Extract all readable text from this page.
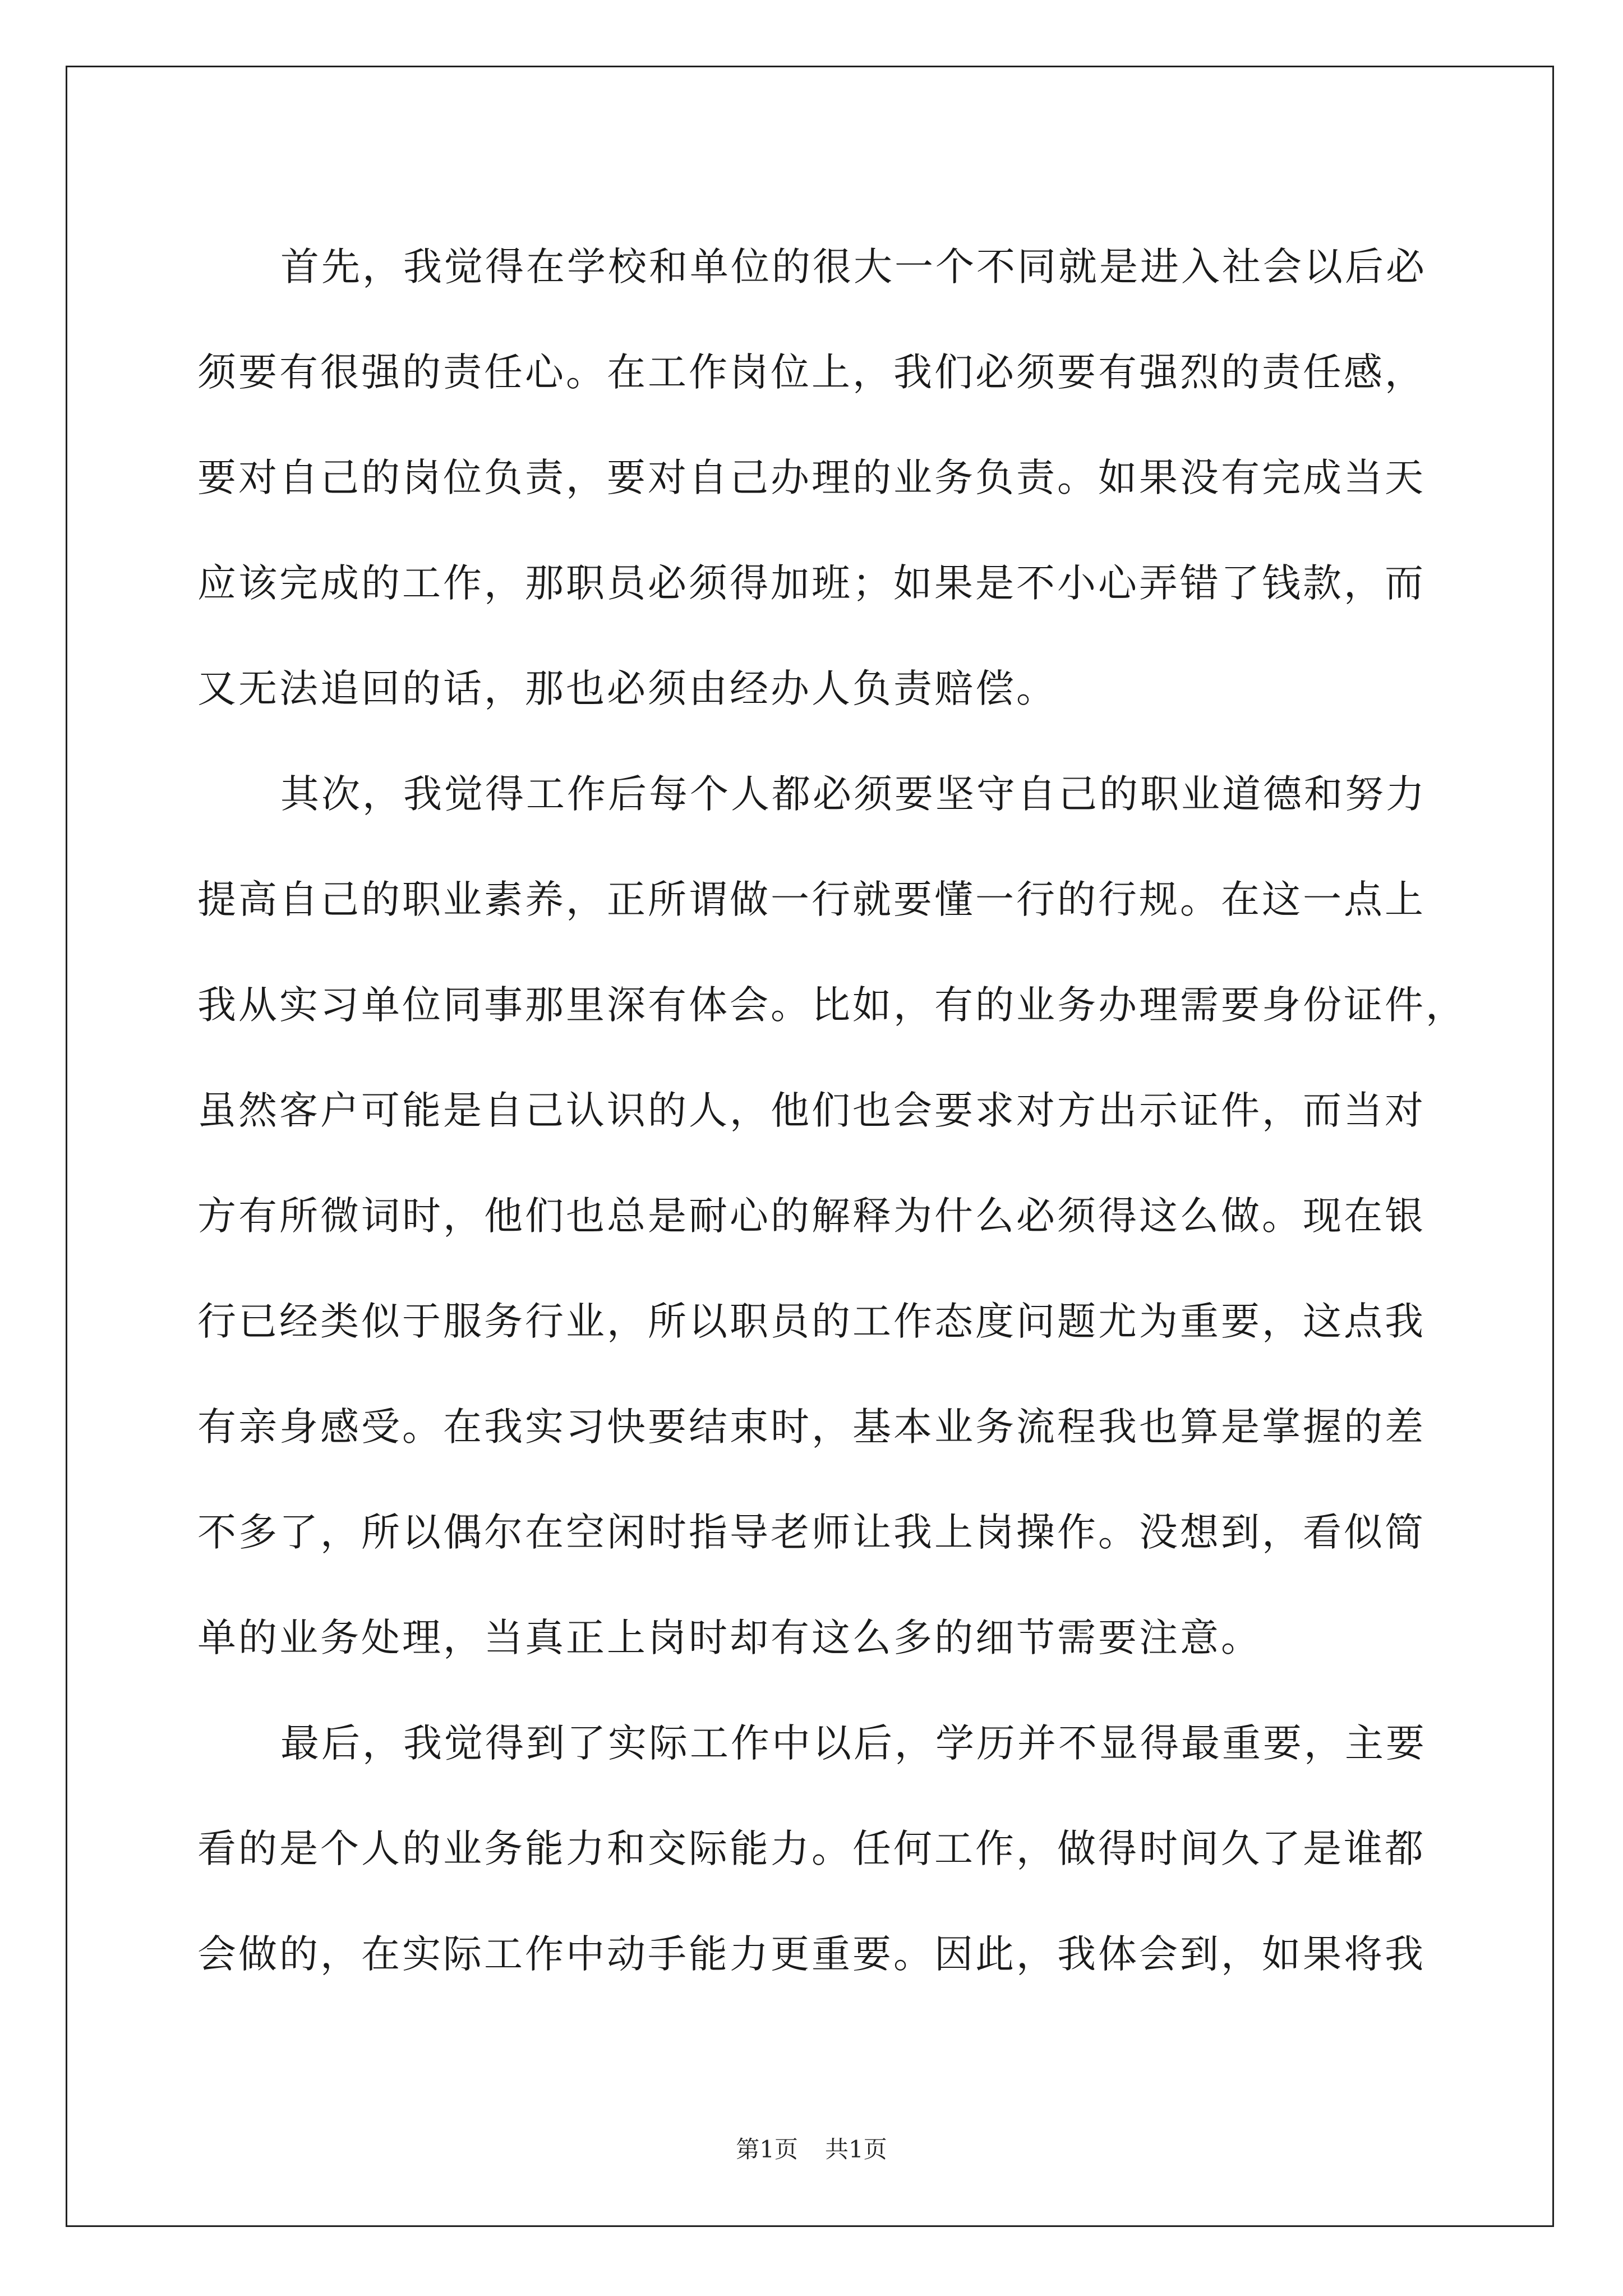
首先，我觉得在学校和单位的很大一个不同就是进入社会以后必
须要有很强的责任心。在工作岗位上，我们必须要有强烈的责任感，
要对自己的岗位负责，要对自己办理的业务负责。如果没有完成当天
应该完成的工作，那职员必须得加班；如果是不小心弄错了钱款，而
又无法追回的话，那也必须由经办人负责赔偿。
其次，我觉得工作后每个人都必须要坚守自己的职业道德和努力
提高自己的职业素养，正所谓做一行就要懂一行的行规。在这一点上
我从实习单位同事那里深有体会。比如，有的业务办理需要身份证件，
虽然客户可能是自己认识的人，他们也会要求对方出示证件，而当对
方有所微词时，他们也总是耐心的解释为什么必须得这么做。现在银
行已经类似于服务行业，所以职员的工作态度问题尤为重要，这点我
有亲身感受。在我实习快要结束时，基本业务流程我也算是掌握的差
不多了，所以偶尔在空闲时指导老师让我上岗操作。没想到，看似简
单的业务处理，当真正上岗时却有这么多的细节需要注意。
最后，我觉得到了实际工作中以后，学历并不显得最重要，主要
看的是个人的业务能力和交际能力。任何工作，做得时间久了是谁都
会做的，在实际工作中动手能力更重要。因此，我体会到，如果将我
第1页 共1页
